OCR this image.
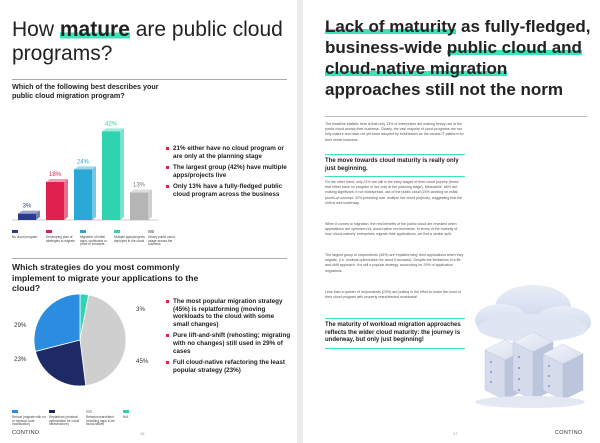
How mature are public cloud programs?
Which of the following best describes your public cloud migration program?
3%
18%
24%
42%
13%
No cloud program	Developing plan of strategies to migrate
Migration of initial apps, workloads or proof of concepts
Multiple apps/projects deployed in the cloud
Heavy public cloud usage across the business
21% either have no cloud program or are only at the planning stage
The largest group (42%) have multiple apps/projects live
Only 13% have a fully-fledged public cloud program across the business
Which strategies do you most commonly implement to migrate your applications to the cloud?
29%
23%	45%
3%
The most popular migration strategy (45%) is replatforming (moving workloads to the cloud with some small changes)
Pure lift-and-shift (rehosting; migrating with no changes) still used in 29% of cases
Full cloud-native refactoring the least popular strategy (23%)
Rehost (migrate with no or minimal code modification)
Replatform (minimal optimization for cloud infrastructure)
Refactor/rearchitect (rewriting apps to be cloud-native)
N/A
CONTINO	16
Lack of maturity as fully-fledged, business-wide public cloud and cloud-native migration approaches still not the norm

The headline statistic here is that only 13% of enterprises are making heavy use of the public cloud across their business. Clearly, the vast majority of cloud programs are not fully mature and have not yet been adopted by businesses as the central IT platform for their whole business.

The move towards cloud maturity is really only just beginning.

On the other hand, only 21% are still in the early stages of their cloud journey (those that either have no program or are only at the planning stage). Meanwhile, 66% are making significant, if not widespread, use of the public cloud (24% working on initial proofs-of-concept, 42% presiding over multiple live cloud projects), suggesting that the shift is well underway.

When it comes to migration, the real benefits of the public cloud are revealed when applications are optimized for cloud-native environments. In terms of the maturity of how 'cloud-natively' enterprises migrate their applications, we find a similar split.

The largest group of respondents (45%) are 'replatforming' their applications when they migrate, (i.e. minimal optimization for cloud if lacowed). Despite the limitations of a lift-and-shift approach, it is still a popular strategy, accounting for 29% of application migrations.

Less than a quarter of respondents (23%) are putting in the effort to make the most of their cloud program with properly rearchitected workloads!

The maturity of workload migration approaches reflects the wider cloud maturity: the journey is underway, but only just beginning!
17	CONTINO
